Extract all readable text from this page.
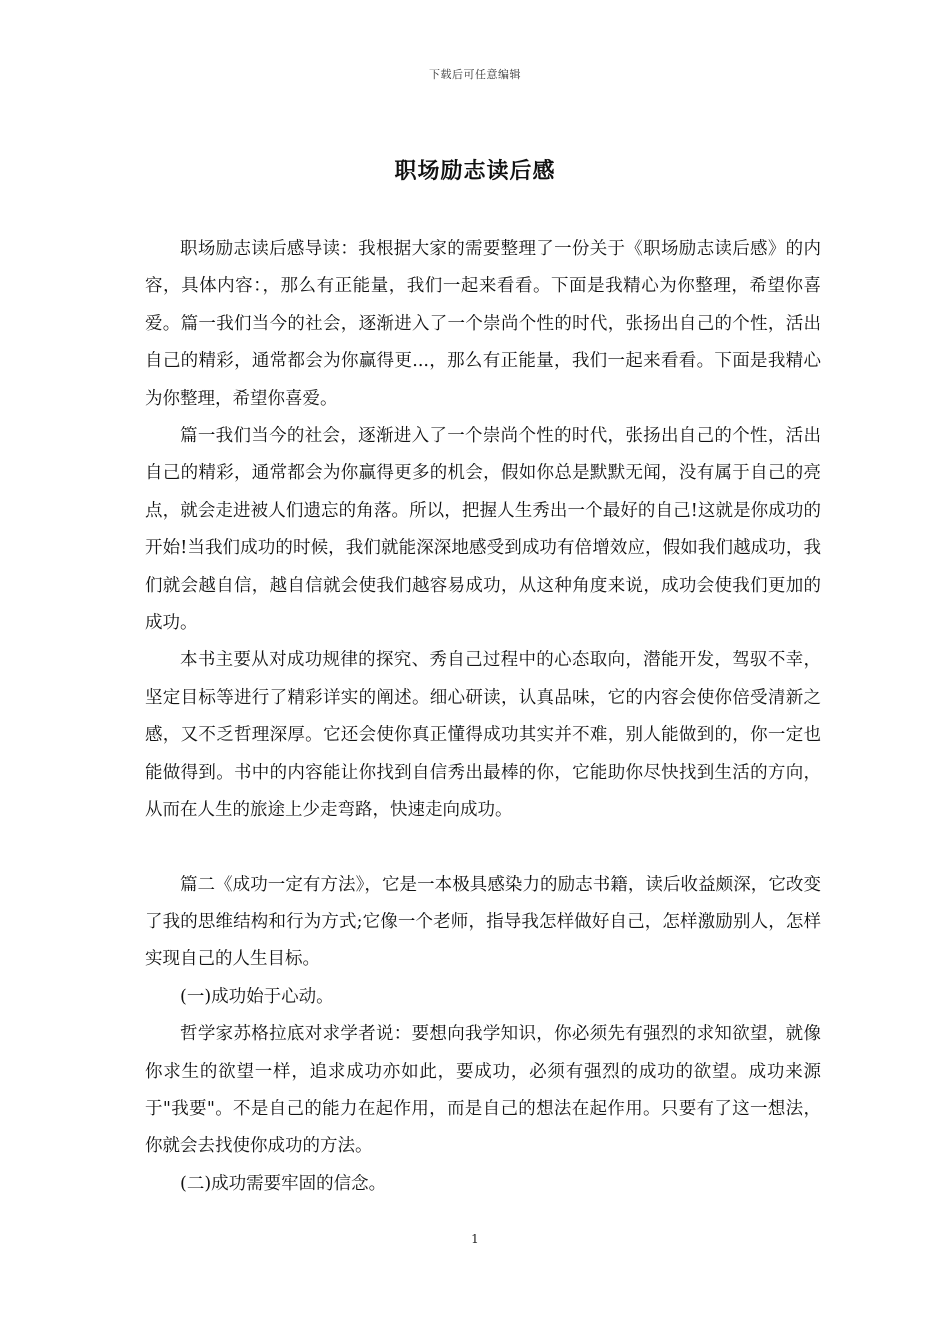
下载后可任意编辑
职场励志读后感

职场励志读后感导读：我根据大家的需要整理了一份关于《职场励志读后感》的内容，具体内容：，那么有正能量，我们一起来看看。下面是我精心为你整理，希望你喜爱。篇一我们当今的社会，逐渐进入了一个崇尚个性的时代，张扬出自己的个性，活出自己的精彩，通常都会为你赢得更...，那么有正能量，我们一起来看看。下面是我精心为你整理，希望你喜爱。

篇一我们当今的社会，逐渐进入了一个崇尚个性的时代，张扬出自己的个性，活出自己的精彩，通常都会为你赢得更多的机会，假如你总是默默无闻，没有属于自己的亮点，就会走进被人们遗忘的角落。所以，把握人生秀出一个最好的自己!这就是你成功的开始!当我们成功的时候，我们就能深深地感受到成功有倍增效应，假如我们越成功，我们就会越自信，越自信就会使我们越容易成功，从这种角度来说，成功会使我们更加的成功。

本书主要从对成功规律的探究、秀自己过程中的心态取向，潜能开发，驾驭不幸，坚定目标等进行了精彩详实的阐述。细心研读，认真品味，它的内容会使你倍受清新之感，又不乏哲理深厚。它还会使你真正懂得成功其实并不难，别人能做到的，你一定也能做得到。书中的内容能让你找到自信秀出最棒的你，它能助你尽快找到生活的方向，从而在人生的旅途上少走弯路，快速走向成功。

篇二《成功一定有方法》，它是一本极具感染力的励志书籍，读后收益颇深，它改变了我的思维结构和行为方式;它像一个老师，指导我怎样做好自己，怎样激励别人，怎样实现自己的人生目标。

(一)成功始于心动。

哲学家苏格拉底对求学者说：要想向我学知识，你必须先有强烈的求知欲望，就像你求生的欲望一样，追求成功亦如此，要成功，必须有强烈的成功的欲望。成功来源于"我要"。不是自己的能力在起作用，而是自己的想法在起作用。只要有了这一想法，你就会去找使你成功的方法。

(二)成功需要牢固的信念。

1
